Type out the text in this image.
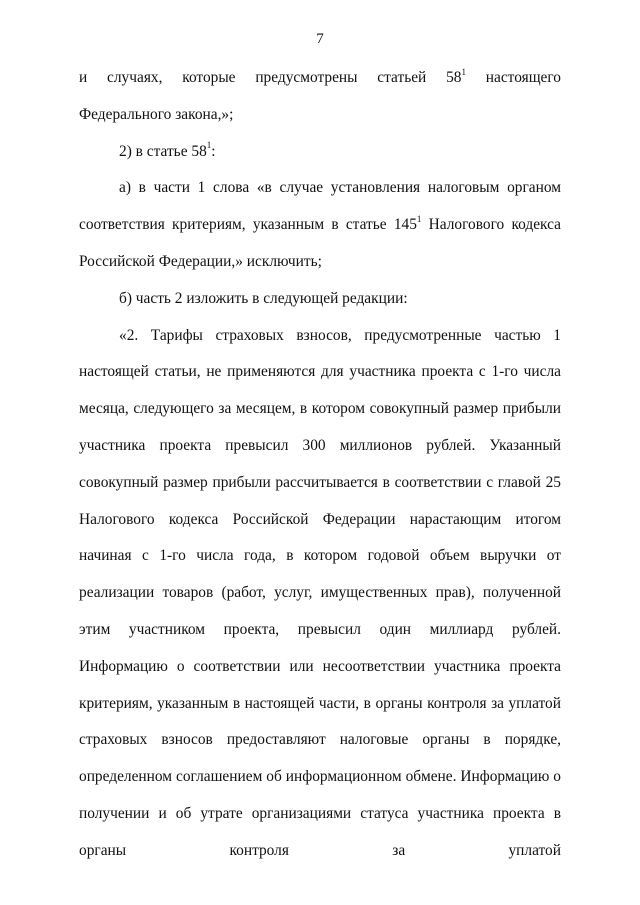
7

и случаях, которые предусмотрены статьей $58^1$ настоящего Федерального закона,»;

2) в статье $58^1$:

а) в части 1 слова «в случае установления налоговым органом соответствия критериям, указанным в статье $145^1$ Налогового кодекса Российской Федерации,» исключить;

б) часть 2 изложить в следующей редакции:

«2. Тарифы страховых взносов, предусмотренные частью 1 настоящей статьи, не применяются для участника проекта с 1-го числа месяца, следующего за месяцем, в котором совокупный размер прибыли участника проекта превысил 300 миллионов рублей. Указанный совокупный размер прибыли рассчитывается в соответствии с главой 25 Налогового кодекса Российской Федерации нарастающим итогом начиная с 1-го числа года, в котором годовой объем выручки от реализации товаров (работ, услуг, имущественных прав), полученной этим участником проекта, превысил один миллиард рублей. Информацию о соответствии или несоответствии участника проекта критериям, указанным в настоящей части, в органы контроля за уплатой страховых взносов предоставляют налоговые органы в порядке, определенном соглашением об информационном обмене. Информацию о получении и об утрате организациями статуса участника проекта в органы контроля за уплатой
